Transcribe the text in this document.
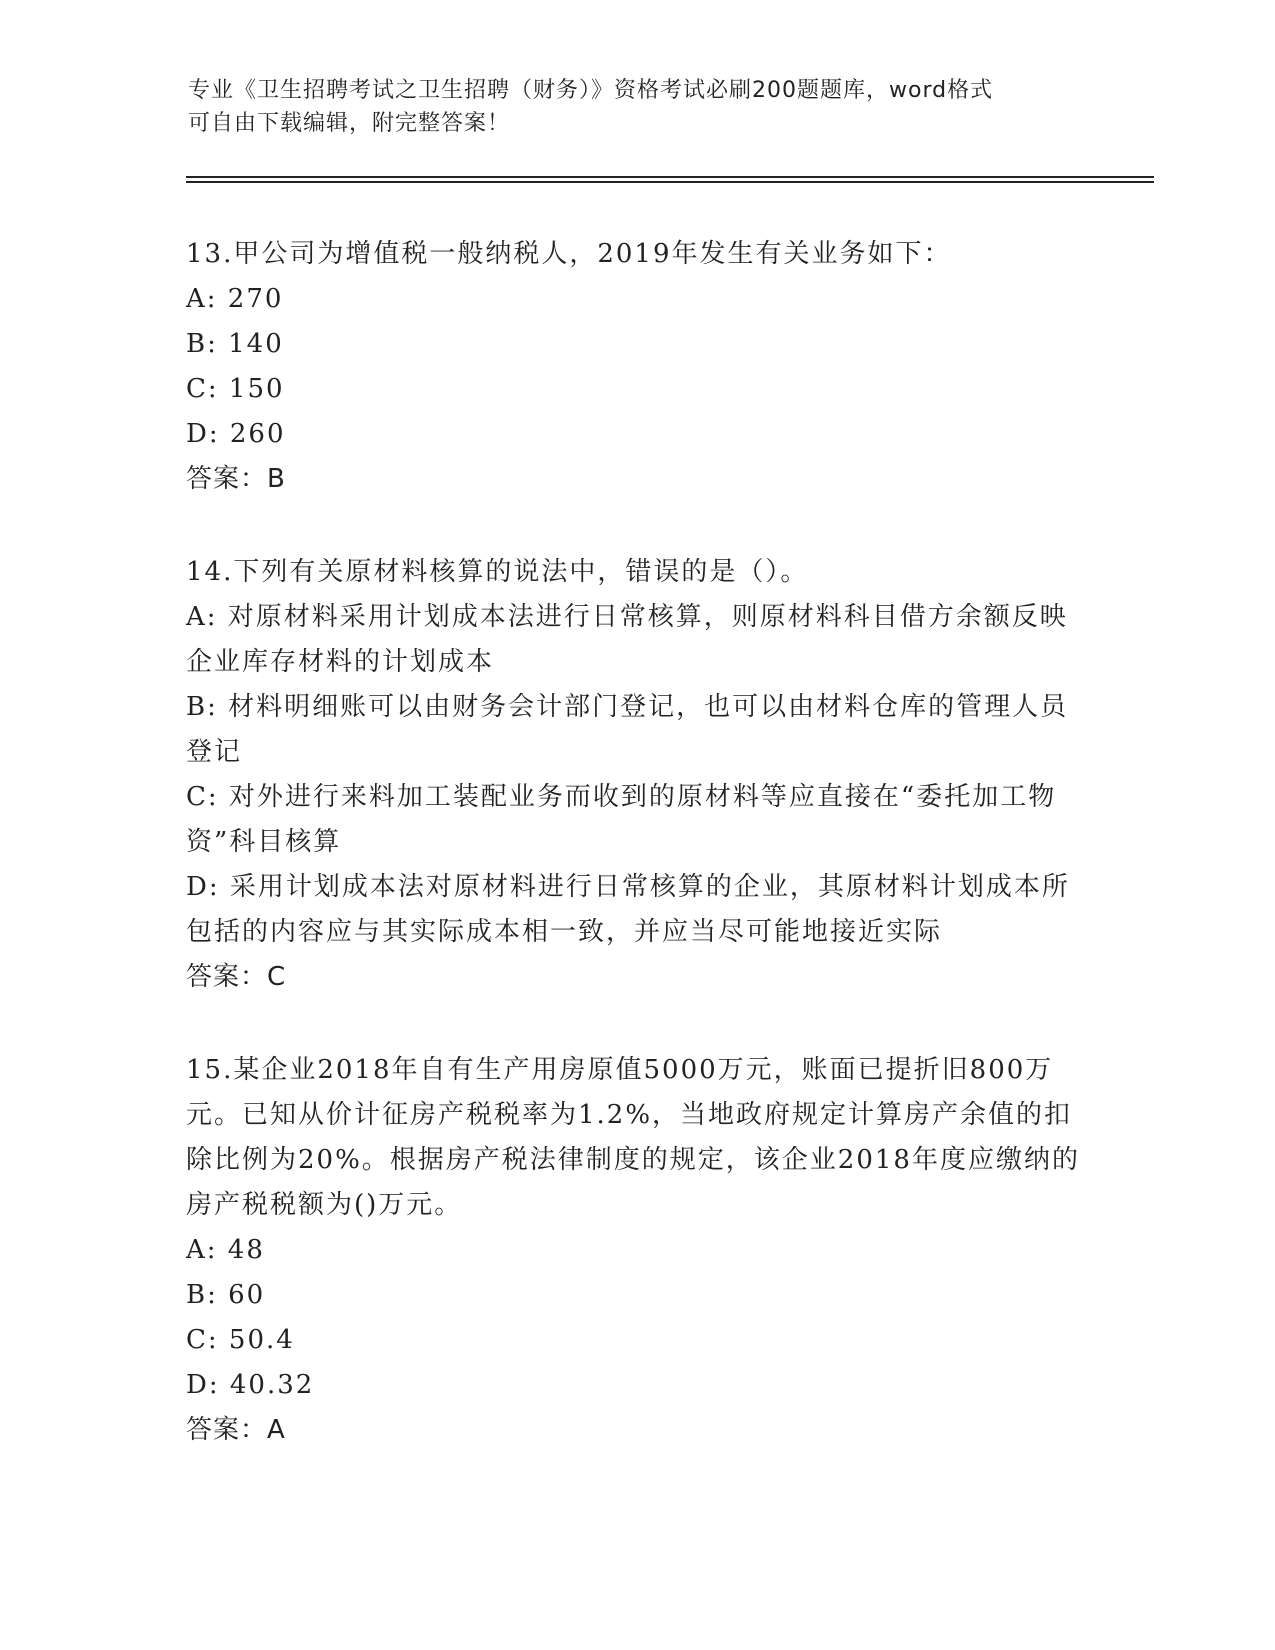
专业《卫生招聘考试之卫生招聘（财务）》资格考试必刷200题题库，word格式
可自由下载编辑，附完整答案！
13.甲公司为增值税一般纳税人，2019年发生有关业务如下：
A: 270
B: 140
C: 150
D: 260
答案：B
14.下列有关原材料核算的说法中，错误的是（）。
A: 对原材料采用计划成本法进行日常核算，则原材料科目借方余额反映企业库存材料的计划成本
B: 材料明细账可以由财务会计部门登记，也可以由材料仓库的管理人员登记
C: 对外进行来料加工装配业务而收到的原材料等应直接在“委托加工物资”科目核算
D: 采用计划成本法对原材料进行日常核算的企业，其原材料计划成本所包括的内容应与其实际成本相一致，并应当尽可能地接近实际
答案：C
15.某企业2018年自有生产用房原值5000万元，账面已提折旧800万元。已知从价计征房产税税率为1.2%，当地政府规定计算房产余值的扣除比例为20%。根据房产税法律制度的规定，该企业2018年度应缴纳的房产税税额为()万元。
A: 48
B: 60
C: 50.4
D: 40.32
答案：A
